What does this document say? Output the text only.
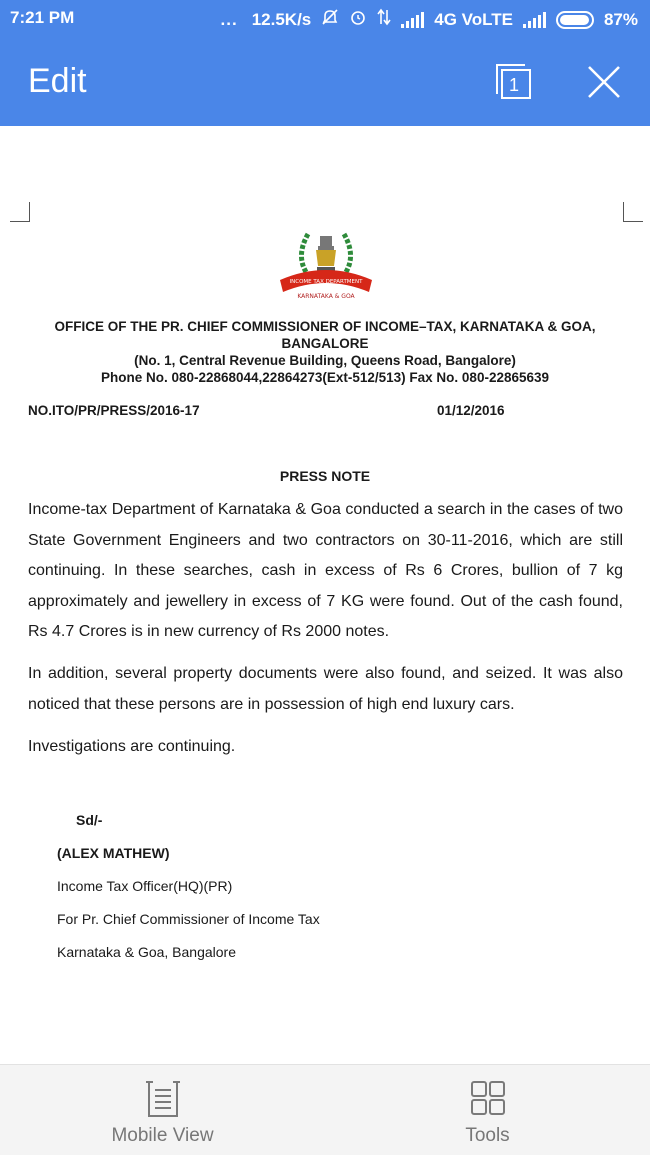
7:21 PM	... 12.5K/s	4G VoLTE	87%
Edit	1
INCOME TAX DEPARTMENT
KARNATAKA & GOA
OFFICE OF THE PR. CHIEF COMMISSIONER OF INCOME–TAX, KARNATAKA & GOA,
BANGALORE
(No. 1, Central Revenue Building, Queens Road, Bangalore)
Phone No. 080-22868044,22864273(Ext-512/513) Fax No. 080-22865639
NO.ITO/PR/PRESS/2016-17	01/12/2016
PRESS NOTE

Income-tax Department of Karnataka & Goa conducted a search in the cases of two State Government Engineers and two contractors on 30-11-2016, which are still continuing. In these searches, cash in excess of Rs 6 Crores, bullion of 7 kg approximately and jewellery in excess of 7 KG were found. Out of the cash found, Rs 4.7 Crores is in new currency of Rs 2000 notes.

In addition, several property documents were also found, and seized. It was also noticed that these persons are in possession of high end luxury cars.

Investigations are continuing.

Sd/-
(ALEX MATHEW)
Income Tax Officer(HQ)(PR)
For Pr. Chief Commissioner of Income Tax
Karnataka & Goa, Bangalore
Mobile View	Tools
